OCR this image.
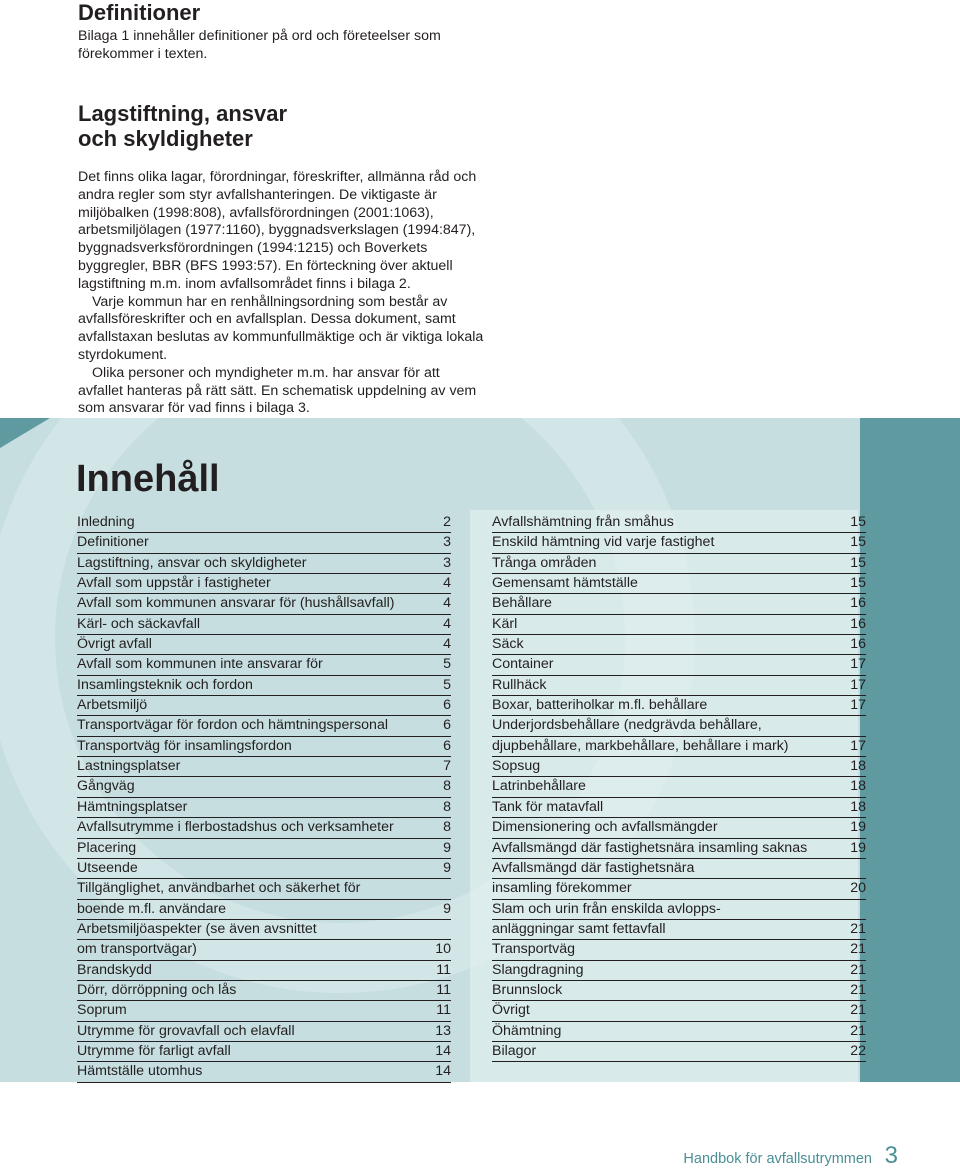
Definitioner

Bilaga 1 innehåller definitioner på ord och företeelser som förekommer i texten.

Lagstiftning, ansvar
och skyldigheter

Det finns olika lagar, förordningar, föreskrifter, allmänna råd och andra regler som styr avfallshanteringen. De viktigaste är miljöbalken (1998:808), avfallsförordningen (2001:1063), arbetsmiljölagen (1977:1160), byggnadsverkslagen (1994:847), byggnadsverksförordningen (1994:1215) och Boverkets byggregler, BBR (BFS 1993:57). En förteckning över aktuell lagstiftning m.m. inom avfallsområdet finns i bilaga 2.

Varje kommun har en renhållningsordning som består av avfallsföreskrifter och en avfallsplan. Dessa dokument, samt avfallstaxan beslutas av kommunfullmäktige och är viktiga lokala styrdokument.

Olika personer och myndigheter m.m. har ansvar för att avfallet hanteras på rätt sätt. En schematisk uppdelning av vem som ansvarar för vad finns i bilaga 3.

Innehåll
Inledning	2
Definitioner	3
Lagstiftning, ansvar och skyldigheter	3
Avfall som uppstår i fastigheter	4
Avfall som kommunen ansvarar för (hushållsavfall)	4
Kärl- och säckavfall	4
Övrigt avfall	4
Avfall som kommunen inte ansvarar för	5
Insamlingsteknik och fordon	5
Arbetsmiljö	6
Transportvägar för fordon och hämtningspersonal	6
Transportväg för insamlingsfordon	6
Lastningsplatser	7
Gångväg	8
Hämtningsplatser	8
Avfallsutrymme i flerbostadshus och verksamheter	8
Placering	9
Utseende	9
Tillgänglighet, användbarhet och säkerhet för
boende m.fl. användare	9
Arbetsmiljöaspekter (se även avsnittet
om transportvägar)	10
Brandskydd	11
Dörr, dörröppning och lås	11
Soprum	11
Utrymme för grovavfall och elavfall	13
Utrymme för farligt avfall	14
Hämtställe utomhus	14
Avfallshämtning från småhus	15
Enskild hämtning vid varje fastighet	15
Trånga områden	15
Gemensamt hämtställe	15
Behållare	16
Kärl	16
Säck	16
Container	17
Rullhäck	17
Boxar, batteriholkar m.fl. behållare	17
Underjordsbehållare (nedgrävda behållare,
djupbehållare, markbehållare, behållare i mark)	17
Sopsug	18
Latrinbehållare	18
Tank för matavfall	18
Dimensionering och avfallsmängder	19
Avfallsmängd där fastighetsnära insamling saknas	19
Avfallsmängd där fastighetsnära
insamling förekommer	20
Slam och urin från enskilda avlopps-
anläggningar samt fettavfall	21
Transportväg	21
Slangdragning	21
Brunnslock	21
Övrigt	21
Öhämtning	21
Bilagor	22
Handbok för avfallsutrymmen 3
